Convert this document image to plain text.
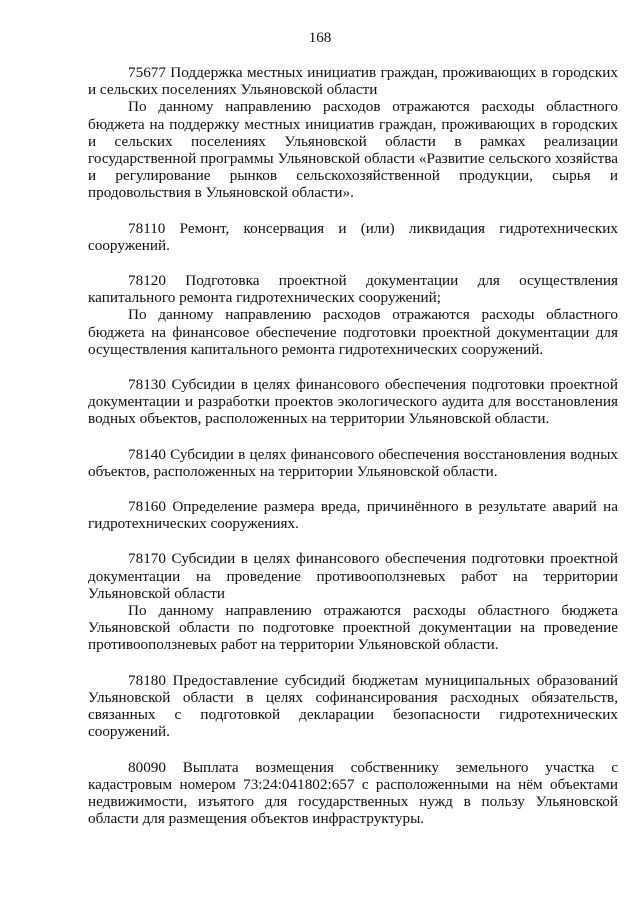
168

75677 Поддержка местных инициатив граждан, проживающих в городских и сельских поселениях Ульяновской области

По данному направлению расходов отражаются расходы областного бюджета на поддержку местных инициатив граждан, проживающих в городских и сельских поселениях Ульяновской области в рамках реализации государственной программы Ульяновской области «Развитие сельского хозяйства и регулирование рынков сельскохозяйственной продукции, сырья и продовольствия в Ульяновской области».

78110 Ремонт, консервация и (или) ликвидация гидротехнических сооружений.

78120 Подготовка проектной документации для осуществления капитального ремонта гидротехнических сооружений;

По данному направлению расходов отражаются расходы областного бюджета на финансовое обеспечение подготовки проектной документации для осуществления капитального ремонта гидротехнических сооружений.

78130 Субсидии в целях финансового обеспечения подготовки проектной документации и разработки проектов экологического аудита для восстановления водных объектов, расположенных на территории Ульяновской области.

78140 Субсидии в целях финансового обеспечения восстановления водных объектов, расположенных на территории Ульяновской области.

78160 Определение размера вреда, причинённого в результате аварий на гидротехнических сооружениях.

78170 Субсидии в целях финансового обеспечения подготовки проектной документации на проведение противооползневых работ на территории Ульяновской области

По данному направлению отражаются расходы областного бюджета Ульяновской области по подготовке проектной документации на проведение противооползневых работ на территории Ульяновской области.

78180 Предоставление субсидий бюджетам муниципальных образований Ульяновской области в целях софинансирования расходных обязательств, связанных с подготовкой декларации безопасности гидротехнических сооружений.

80090 Выплата возмещения собственнику земельного участка с кадастровым номером 73:24:041802:657 с расположенными на нём объектами недвижимости, изъятого для государственных нужд в пользу Ульяновской области для размещения объектов инфраструктуры.
